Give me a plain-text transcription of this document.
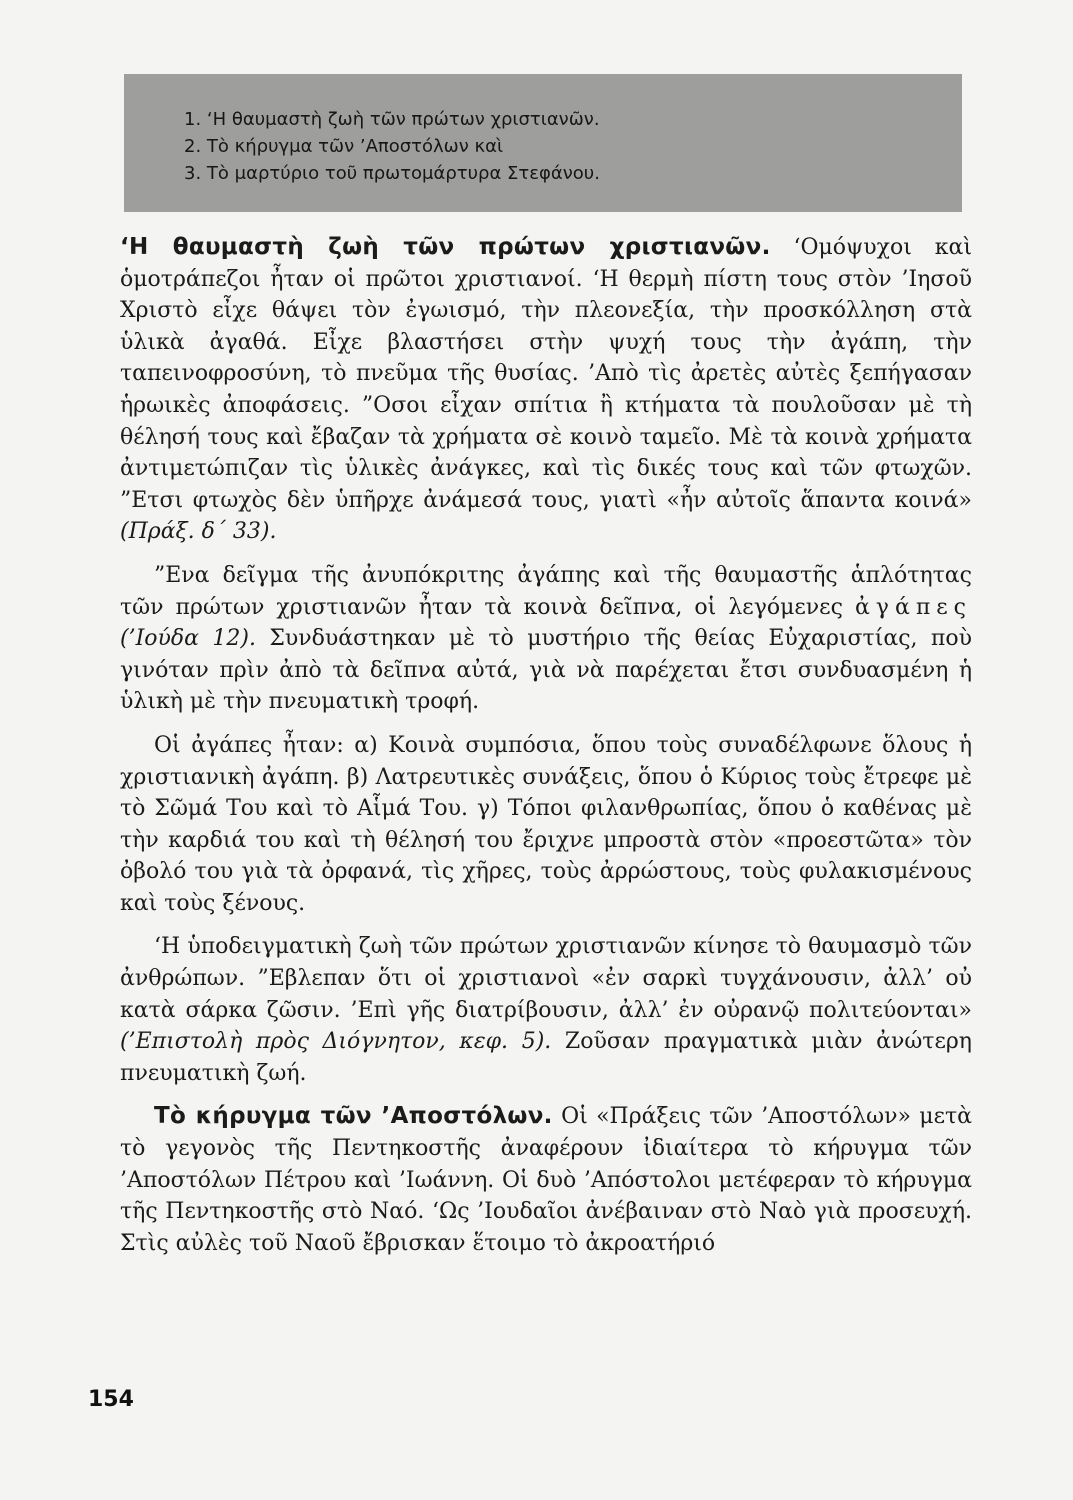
1. ‘Η θαυμαστὴ ζωὴ τῶν πρώτων χριστιανῶν.
2. Τὸ κήρυγμα τῶν ’Αποστόλων καὶ
3. Τὸ μαρτύριο τοῦ πρωτομάρτυρα Στεφάνου.

‘Η θαυμαστὴ ζωὴ τῶν πρώτων χριστιανῶν. ‘Ομόψυχοι καὶ ὁμοτράπεζοι ἦταν οἱ πρῶτοι χριστιανοί. ‘Η θερμὴ πίστη τους στὸν ’Ιησοῦ Χριστὸ εἶχε θάψει τὸν ἐγωισμό, τὴν πλεονεξία, τὴν προσκόλληση στὰ ὑλικὰ ἀγαθά. Εἶχε βλαστήσει στὴν ψυχή τους τὴν ἀγάπη, τὴν ταπεινοφροσύνη, τὸ πνεῦμα τῆς θυσίας. ’Απὸ τὶς ἀρετὲς αὐτὲς ξεπήγασαν ἡρωικὲς ἀποφάσεις. ”Οσοι εἶχαν σπίτια ἢ κτήματα τὰ πουλοῦσαν μὲ τὴ θέλησή τους καὶ ἔβαζαν τὰ χρήματα σὲ κοινὸ ταμεῖο. Μὲ τὰ κοινὰ χρήματα ἀντιμετώπιζαν τὶς ὑλικὲς ἀνάγκες, καὶ τὶς δικές τους καὶ τῶν φτωχῶν. ”Ετσι φτωχὸς δὲν ὑπῆρχε ἀνάμεσά τους, γιατὶ «ἦν αὐτοῖς ἅπαντα κοινά» (Πράξ. δ΄ 33).

”Ενα δεῖγμα τῆς ἀνυπόκριτης ἀγάπης καὶ τῆς θαυμαστῆς ἁπλότητας τῶν πρώτων χριστιανῶν ἦταν τὰ κοινὰ δεῖπνα, οἱ λεγόμενες ἀγάπες (’Ιούδα 12). Συνδυάστηκαν μὲ τὸ μυστήριο τῆς θείας Εὐχαριστίας, ποὺ γινόταν πρὶν ἀπὸ τὰ δεῖπνα αὐτά, γιὰ νὰ παρέχεται ἔτσι συνδυασμένη ἡ ὑλικὴ μὲ τὴν πνευματικὴ τροφή.

Οἱ ἀγάπες ἦταν: α) Κοινὰ συμπόσια, ὅπου τοὺς συναδέλφωνε ὅλους ἡ χριστιανικὴ ἀγάπη. β) Λατρευτικὲς συνάξεις, ὅπου ὁ Κύριος τοὺς ἔτρεφε μὲ τὸ Σῶμά Του καὶ τὸ Αἷμά Του. γ) Τόποι φιλανθρωπίας, ὅπου ὁ καθένας μὲ τὴν καρδιά του καὶ τὴ θέλησή του ἔριχνε μπροστὰ στὸν «προεστῶτα» τὸν ὀβολό του γιὰ τὰ ὀρφανά, τὶς χῆρες, τοὺς ἀρρώστους, τοὺς φυλακισμένους καὶ τοὺς ξένους.

‘Η ὑποδειγματικὴ ζωὴ τῶν πρώτων χριστιανῶν κίνησε τὸ θαυμασμὸ τῶν ἀνθρώπων. ”Εβλεπαν ὅτι οἱ χριστιανοὶ «ἐν σαρκὶ τυγχάνουσιν, ἀλλ’ οὐ κατὰ σάρκα ζῶσιν. ’Επὶ γῆς διατρίβουσιν, ἀλλ’ ἐν οὐρανῷ πολιτεύονται» (’Επιστολὴ πρὸς Διόγνητον, κεφ. 5). Ζοῦσαν πραγματικὰ μιὰν ἀνώτερη πνευματικὴ ζωή.

Τὸ κήρυγμα τῶν ’Αποστόλων. Οἱ «Πράξεις τῶν ’Αποστόλων» μετὰ τὸ γεγονὸς τῆς Πεντηκοστῆς ἀναφέρουν ἰδιαίτερα τὸ κήρυγμα τῶν ’Αποστόλων Πέτρου καὶ ’Ιωάννη. Οἱ δυὸ ’Απόστολοι μετέφεραν τὸ κήρυγμα τῆς Πεντηκοστῆς στὸ Ναό. ‘Ως ’Ιουδαῖοι ἀνέβαιναν στὸ Ναὸ γιὰ προσευχή. Στὶς αὐλὲς τοῦ Ναοῦ ἔβρισκαν ἕτοιμο τὸ ἀκροατήριό

154
